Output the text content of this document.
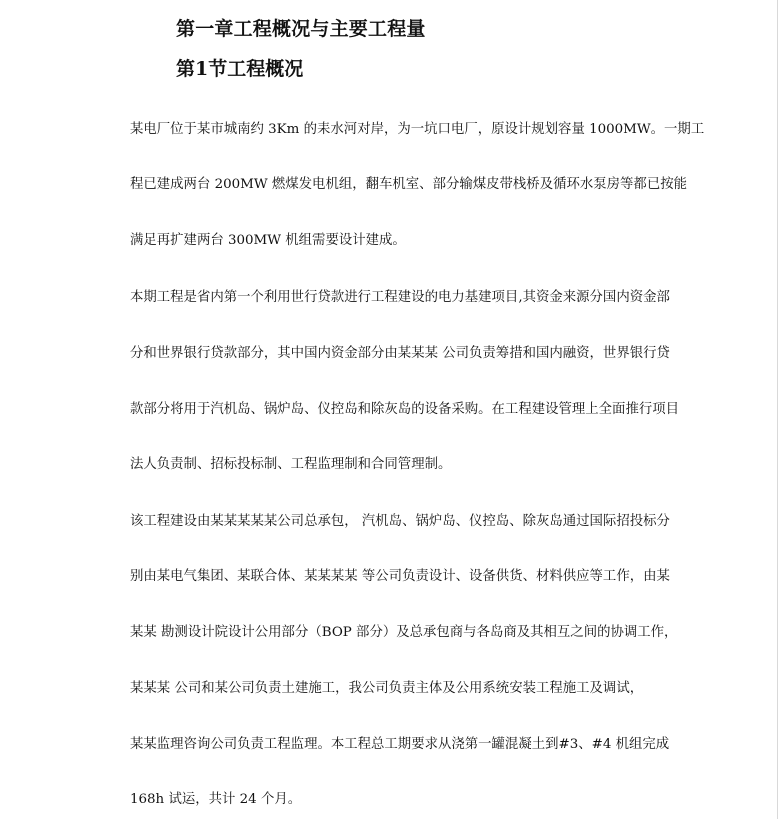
第一章工程概况与主要工程量
第1节工程概况
某电厂位于某市城南约 3Km 的耒水河对岸，为一坑口电厂，原设计规划容量 1000MW。一期工
程已建成两台 200MW 燃煤发电机组，翻车机室、部分输煤皮带栈桥及循环水泵房等都已按能
满足再扩建两台 300MW 机组需要设计建成。
本期工程是省内第一个利用世行贷款进行工程建设的电力基建项目,其资金来源分国内资金部
分和世界银行贷款部分，其中国内资金部分由某某某 公司负责筹措和国内融资，世界银行贷
款部分将用于汽机岛、锅炉岛、仪控岛和除灰岛的设备采购。在工程建设管理上全面推行项目
法人负责制、招标投标制、工程监理制和合同管理制。
该工程建设由某某某某某公司总承包， 汽机岛、锅炉岛、仪控岛、除灰岛通过国际招投标分
别由某电气集团、某联合体、某某某某 等公司负责设计、设备供货、材料供应等工作，由某
某某 勘测设计院设计公用部分（BOP 部分）及总承包商与各岛商及其相互之间的协调工作，
某某某 公司和某公司负责土建施工，我公司负责主体及公用系统安装工程施工及调试，
某某监理咨询公司负责工程监理。本工程总工期要求从浇第一罐混凝土到#3、#4 机组完成
168h 试运，共计 24 个月。
